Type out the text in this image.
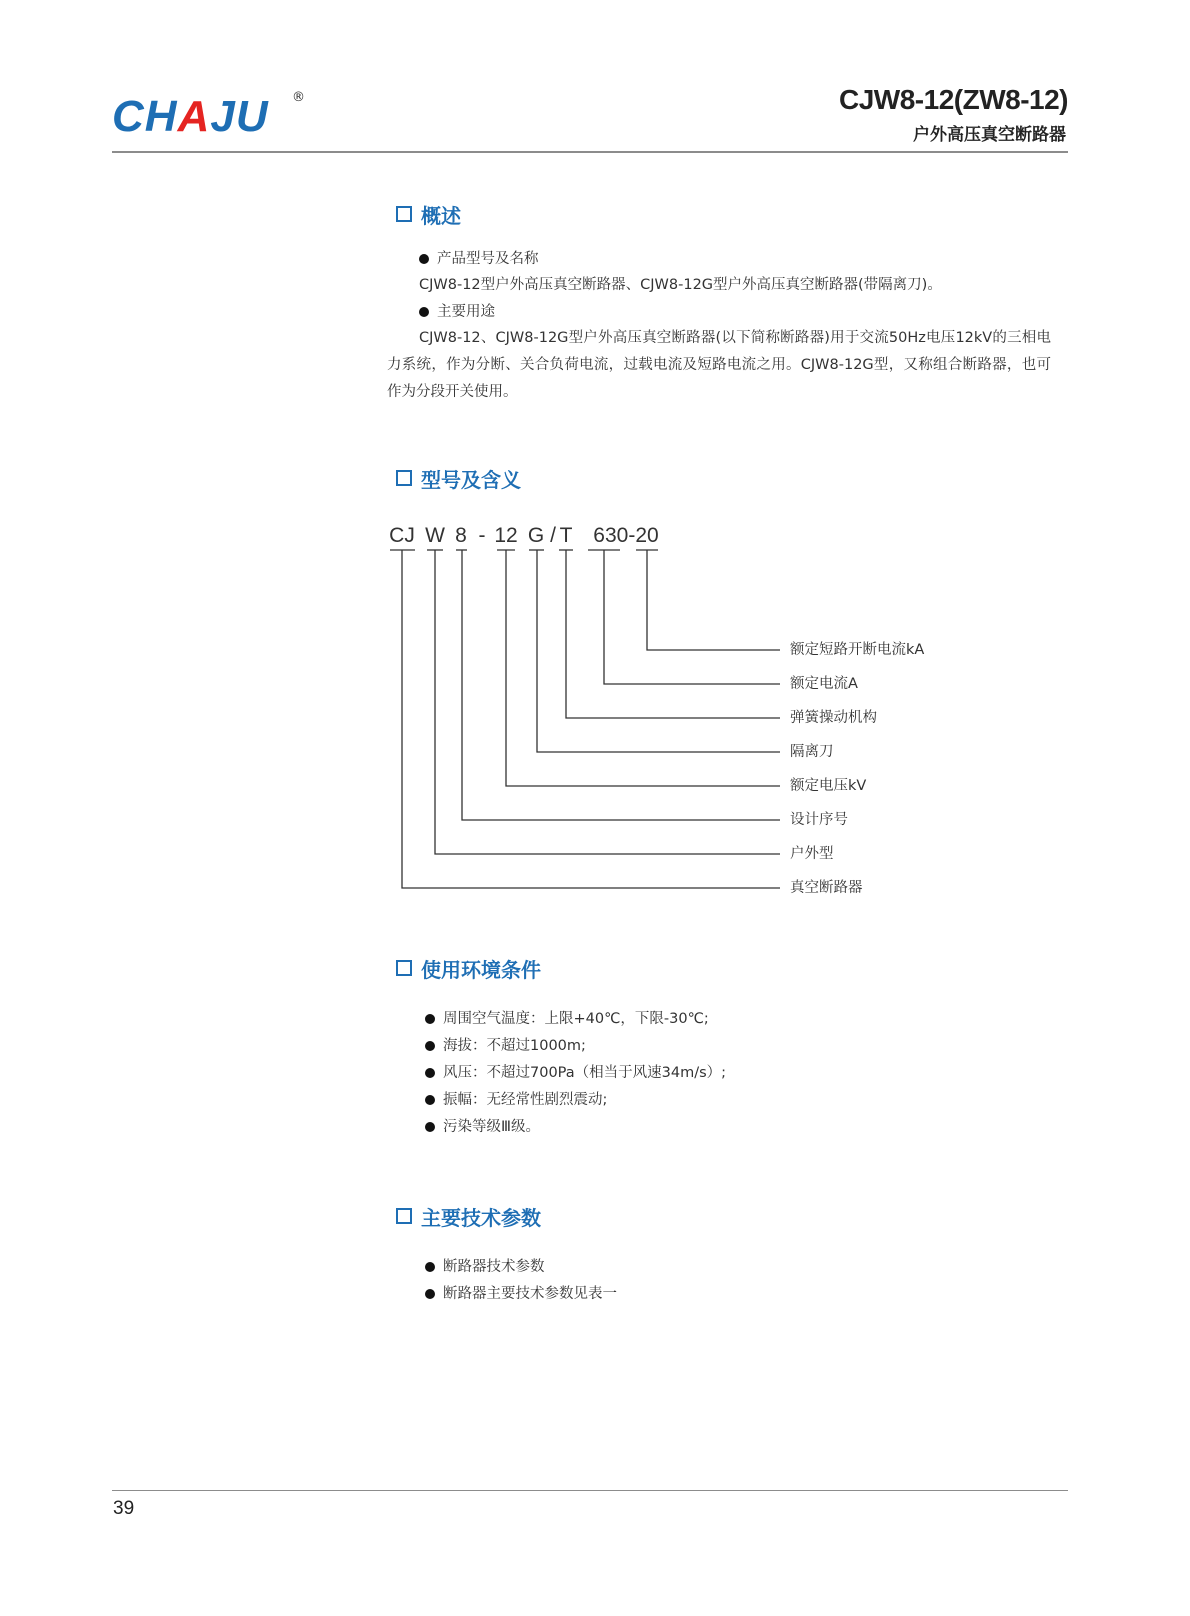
CHAJU ®	CJW8-12(ZW8-12)
户外高压真空断路器
概述
产品型号及名称
CJW8-12型户外高压真空断路器、CJW8-12G型户外高压真空断路器(带隔离刀)。
主要用途
CJW8-12、CJW8-12G型户外高压真空断路器(以下简称断路器)用于交流50Hz电压12kV的三相电力系统，作为分断、关合负荷电流，过载电流及短路电流之用。CJW8-12G型，又称组合断路器，也可作为分段开关使用。
型号及含义
CJ W 8 - 12 G / T 630-20
额定短路开断电流kA
额定电流A
弹簧操动机构
隔离刀
额定电压kV
设计序号
户外型
真空断路器
使用环境条件
周围空气温度：上限+40℃，下限-30℃;
海拔：不超过1000m;
风压：不超过700Pa（相当于风速34m/s）;
振幅：无经常性剧烈震动;
污染等级Ⅲ级。
主要技术参数
断路器技术参数
断路器主要技术参数见表一
39
